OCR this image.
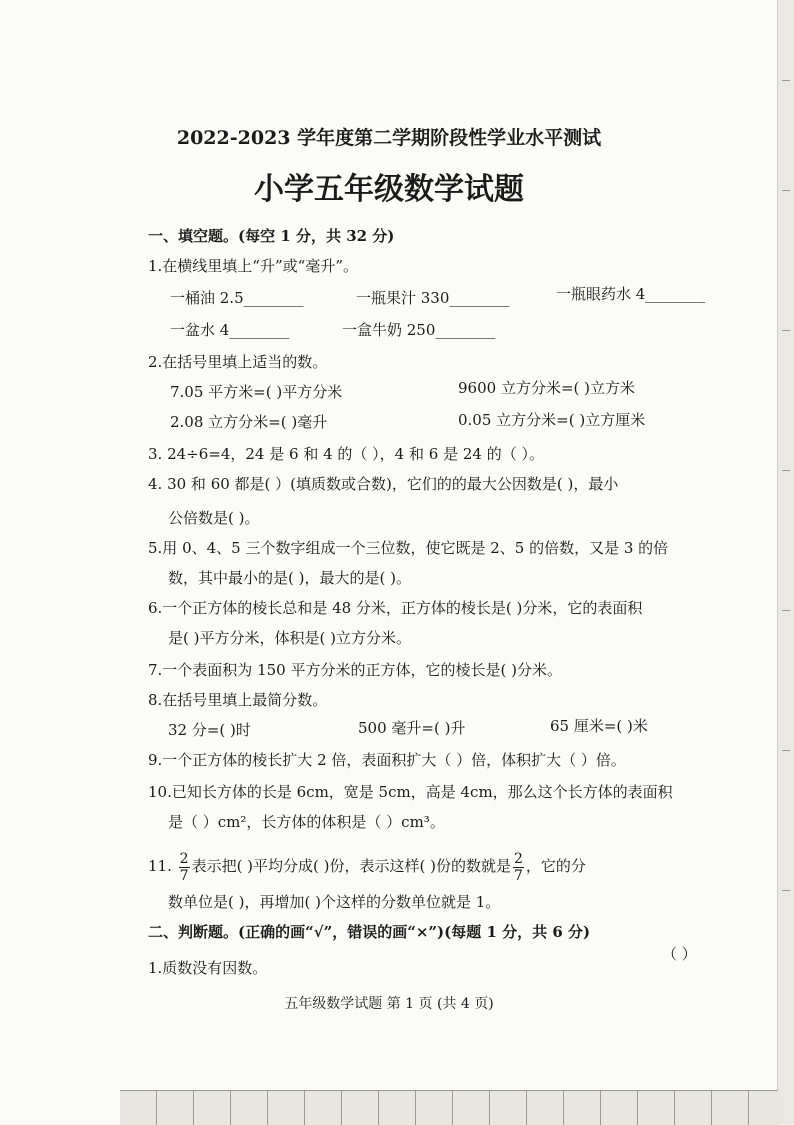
2022-2023 学年度第二学期阶段性学业水平测试
小学五年级数学试题
一、填空题。(每空 1 分，共 32 分)
1.在横线里填上“升”或“毫升”。
一桶油 2.5________	一瓶果汁 330________	一瓶眼药水 4________
一盆水 4________	一盒牛奶 250________
2.在括号里填上适当的数。
7.05 平方米=( )平方分米	9600 立方分米=( )立方米
2.08 立方分米=( )毫升	0.05 立方分米=( )立方厘米
3. 24÷6=4，24 是 6 和 4 的（ ），4 和 6 是 24 的（ ）。
4. 30 和 60 都是( ）(填质数或合数)，它们的的最大公因数是( )，最小
公倍数是( )。
5.用 0、4、5 三个数字组成一个三位数，使它既是 2、5 的倍数，又是 3 的倍
数，其中最小的是( )，最大的是( )。
6.一个正方体的棱长总和是 48 分米，正方体的棱长是( )分米，它的表面积
是( )平方分米，体积是( )立方分米。
7.一个表面积为 150 平方分米的正方体，它的棱长是( )分米。
8.在括号里填上最简分数。
32 分=( )时	500 毫升=( )升	65 厘米=( )米
9.一个正方体的棱长扩大 2 倍，表面积扩大（ ）倍，体积扩大（ ）倍。
10.已知长方体的长是 6cm，宽是 5cm，高是 4cm，那么这个长方体的表面积
是（ ）cm²，长方体的体积是（ ）cm³。
11. $\frac{2}{7}$ 表示把( )平均分成( )份，表示这样( )份的数就是 $\frac{2}{7}$ ，它的分
数单位是( )，再增加( )个这样的分数单位就是 1。
二、判断题。(正确的画“√”，错误的画“×”)(每题 1 分，共 6 分)
1.质数没有因数。
（ ）
五年级数学试题 第 1 页 (共 4 页)
